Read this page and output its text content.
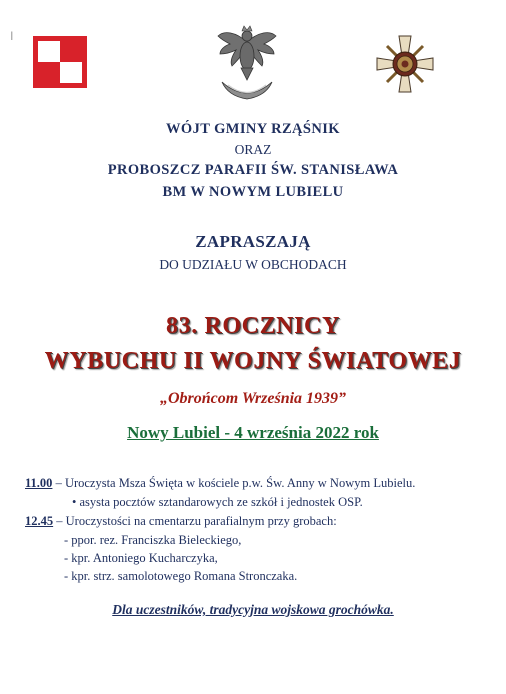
|
WÓJT GMINY RZĄŚNIK
ORAZ
PROBOSZCZ PARAFII ŚW. STANISŁAWA
BM W NOWYM LUBIELU
ZAPRASZAJĄ
DO UDZIAŁU W OBCHODACH
83. ROCZNICY
WYBUCHU II WOJNY ŚWIATOWEJ
„Obrońcom Września 1939”
Nowy Lubiel - 4 września 2022 rok
11.00 – Uroczysta Msza Święta w kościele p.w. Św. Anny w Nowym Lubielu.
• asysta pocztów sztandarowych ze szkół i jednostek OSP.
12.45 – Uroczystości na cmentarzu parafialnym przy grobach:
- ppor. rez. Franciszka Bieleckiego,
- kpr. Antoniego Kucharczyka,
- kpr. strz. samolotowego Romana Stronczaka.
Dla uczestników, tradycyjna wojskowa grochówka.
